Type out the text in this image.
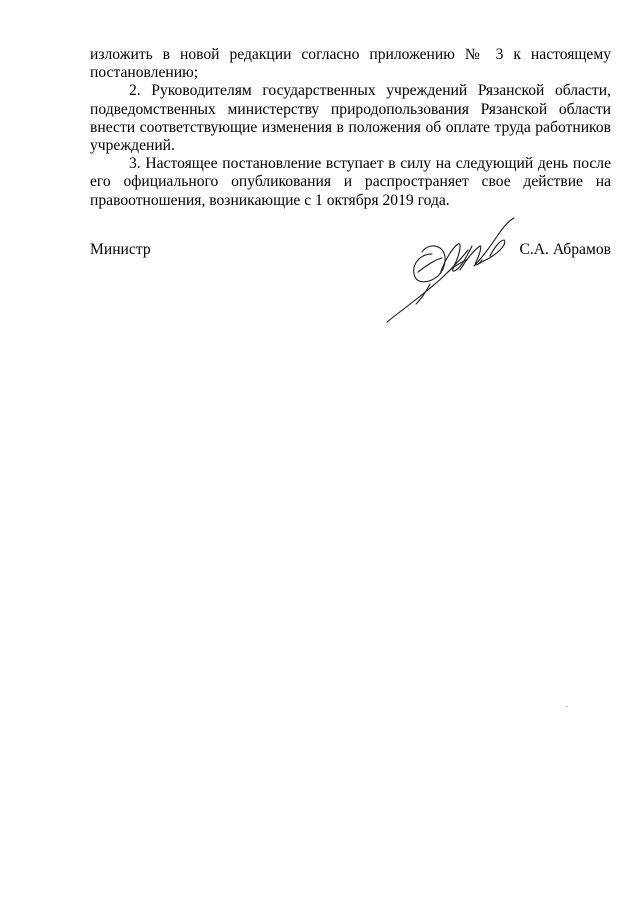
изложить в новой редакции согласно приложению № 3 к настоящему постановлению;

2. Руководителям государственных учреждений Рязанской области, подведомственных министерству природопользования Рязанской области внести соответствующие изменения в положения об оплате труда работников учреждений.

3. Настоящее постановление вступает в силу на следующий день после его официального опубликования и распространяет свое действие на правоотношения, возникающие с 1 октября 2019 года.

Министр	С.А. Абрамов
